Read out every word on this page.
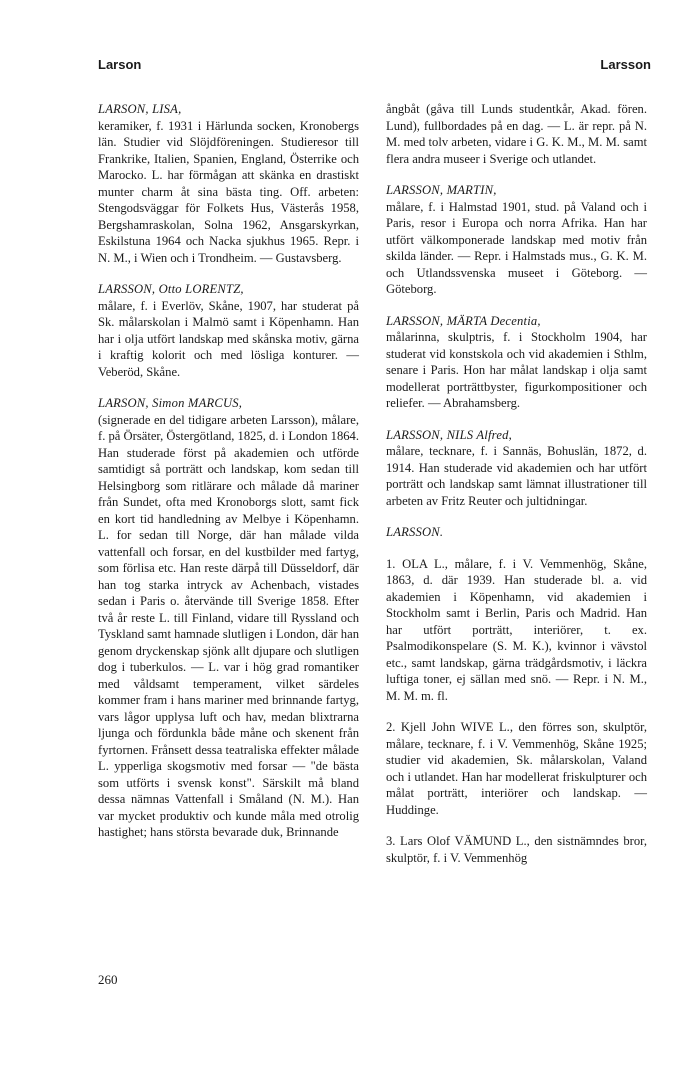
Larson	Larsson
LARSON, LISA,

keramiker, f. 1931 i Härlunda socken, Kronobergs län. Studier vid Slöjdföreningen. Studieresor till Frankrike, Italien, Spanien, England, Österrike och Marocko. L. har förmågan att skänka en drastiskt munter charm åt sina bästa ting. Off. arbeten: Stengodsväggar för Folkets Hus, Västerås 1958, Bergshamraskolan, Solna 1962, Ansgarskyrkan, Eskilstuna 1964 och Nacka sjukhus 1965. Repr. i N. M., i Wien och i Trondheim. — Gustavsberg.

LARSSON, Otto LORENTZ,

målare, f. i Everlöv, Skåne, 1907, har studerat på Sk. målarskolan i Malmö samt i Köpenhamn. Han har i olja utfört landskap med skånska motiv, gärna i kraftig kolorit och med lösliga konturer. — Veberöd, Skåne.

LARSON, Simon MARCUS,

(signerade en del tidigare arbeten Larsson), målare, f. på Örsäter, Östergötland, 1825, d. i London 1864. Han studerade först på akademien och utförde samtidigt så porträtt och landskap, kom sedan till Helsingborg som ritlärare och målade då mariner från Sundet, ofta med Kronoborgs slott, samt fick en kort tid handledning av Melbye i Köpenhamn. L. for sedan till Norge, där han målade vilda vattenfall och forsar, en del kustbilder med fartyg, som förlisa etc. Han reste därpå till Düsseldorf, där han tog starka intryck av Achenbach, vistades sedan i Paris o. återvände till Sverige 1858. Efter två år reste L. till Finland, vidare till Ryssland och Tyskland samt hamnade slutligen i London, där han genom dryckenskap sjönk allt djupare och slutligen dog i tuberkulos. — L. var i hög grad romantiker med våldsamt temperament, vilket särdeles kommer fram i hans mariner med brinnande fartyg, vars lågor upplysa luft och hav, medan blixtrarna ljunga och fördunkla både måne och skenent från fyrtornen. Frånsett dessa teatraliska effekter målade L. ypperliga skogsmotiv med forsar — "de bästa som utförts i svensk konst". Särskilt må bland dessa nämnas Vattenfall i Småland (N. M.). Han var mycket produktiv och kunde måla med otrolig hastighet; hans största bevarade duk, Brinnande

ångbåt (gåva till Lunds studentkår, Akad. fören. Lund), fullbordades på en dag. — L. är repr. på N. M. med tolv arbeten, vidare i G. K. M., M. M. samt flera andra museer i Sverige och utlandet.

LARSSON, MARTIN,

målare, f. i Halmstad 1901, stud. på Valand och i Paris, resor i Europa och norra Afrika. Han har utfört välkomponerade landskap med motiv från skilda länder. — Repr. i Halmstads mus., G. K. M. och Utlandssvenska museet i Göteborg. — Göteborg.

LARSSON, MÄRTA Decentia,

målarinna, skulptris, f. i Stockholm 1904, har studerat vid konstskola och vid akademien i Sthlm, senare i Paris. Hon har målat landskap i olja samt modellerat porträttbyster, figurkompositioner och reliefer. — Abrahamsberg.

LARSSON, NILS Alfred,

målare, tecknare, f. i Sannäs, Bohuslän, 1872, d. 1914. Han studerade vid akademien och har utfört porträtt och landskap samt lämnat illustrationer till arbeten av Fritz Reuter och jultidningar.

LARSSON.

1. OLA L., målare, f. i V. Vemmenhög, Skåne, 1863, d. där 1939. Han studerade bl. a. vid akademien i Köpenhamn, vid akademien i Stockholm samt i Berlin, Paris och Madrid. Han har utfört porträtt, interiörer, t. ex. Psalmodikonspelare (S. M. K.), kvinnor i vävstol etc., samt landskap, gärna trädgårdsmotiv, i läckra luftiga toner, ej sällan med snö. — Repr. i N. M., M. M. m. fl.

2. Kjell John WIVE L., den förres son, skulptör, målare, tecknare, f. i V. Vemmenhög, Skåne 1925; studier vid akademien, Sk. målarskolan, Valand och i utlandet. Han har modellerat friskulpturer och målat porträtt, interiörer och landskap. — Huddinge.

3. Lars Olof VÄMUND L., den sistnämndes bror, skulptör, f. i V. Vemmenhög

260
